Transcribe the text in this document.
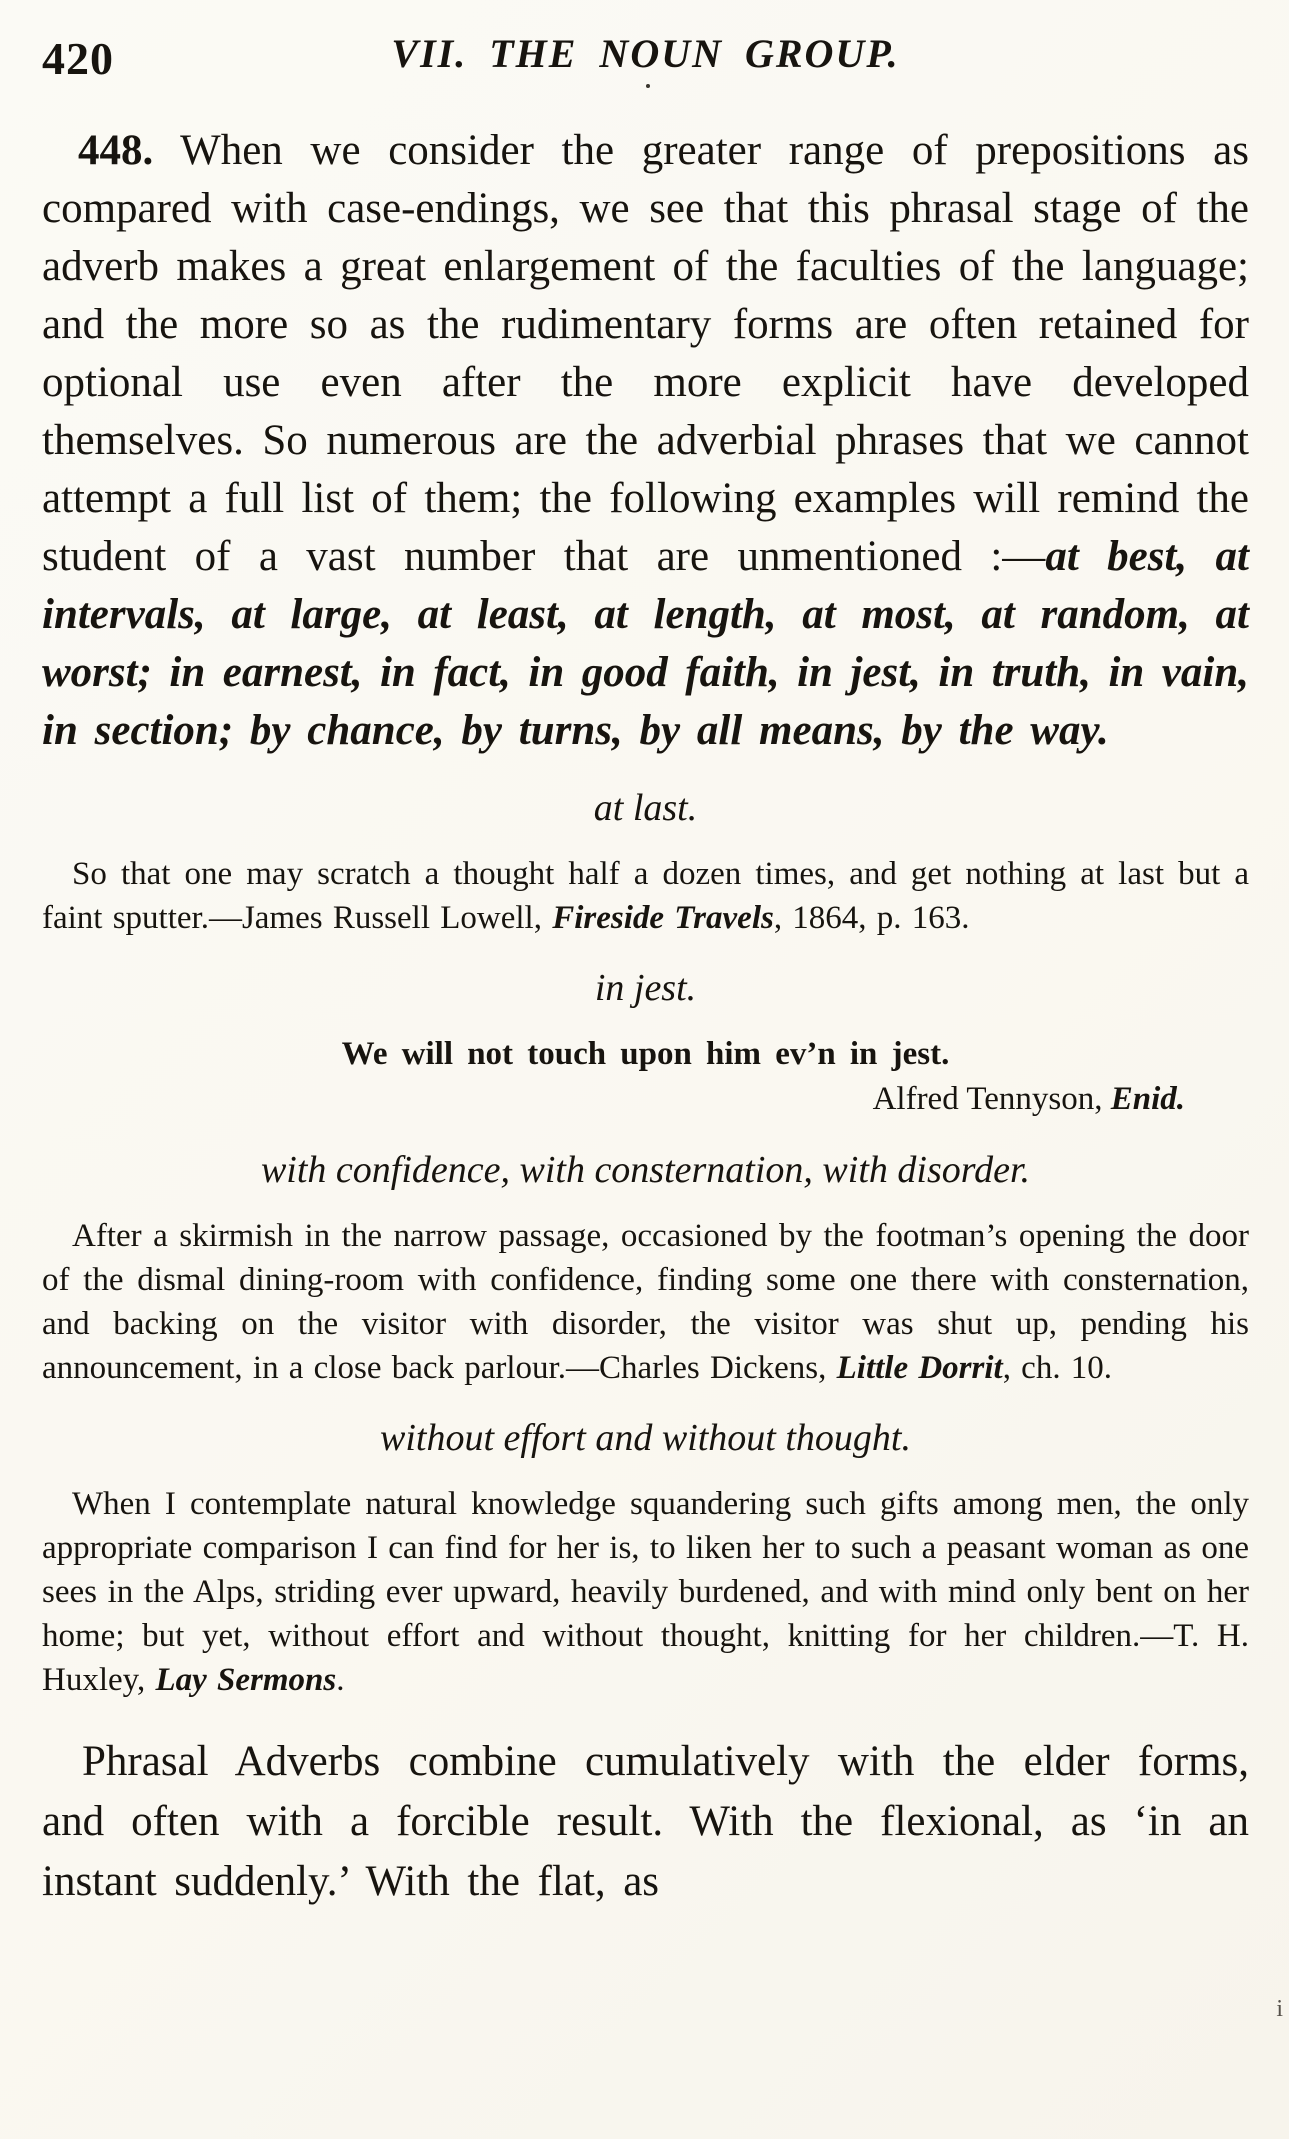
420	VII. THE NOUN GROUP.

448. When we consider the greater range of prepositions as compared with case-endings, we see that this phrasal stage of the adverb makes a great enlargement of the faculties of the language; and the more so as the rudimentary forms are often retained for optional use even after the more explicit have developed themselves. So numerous are the adverbial phrases that we cannot attempt a full list of them; the following examples will remind the student of a vast number that are unmentioned :—at best, at intervals, at large, at least, at length, at most, at random, at worst; in earnest, in fact, in good faith, in jest, in truth, in vain, in section; by chance, by turns, by all means, by the way.

at last.

So that one may scratch a thought half a dozen times, and get nothing at last but a faint sputter.—James Russell Lowell, Fireside Travels, 1864, p. 163.

in jest.
We will not touch upon him ev’n in jest.
Alfred Tennyson, Enid.
with confidence, with consternation, with disorder.

After a skirmish in the narrow passage, occasioned by the footman’s opening the door of the dismal dining-room with confidence, finding some one there with consternation, and backing on the visitor with disorder, the visitor was shut up, pending his announcement, in a close back parlour.—Charles Dickens, Little Dorrit, ch. 10.

without effort and without thought.

When I contemplate natural knowledge squandering such gifts among men, the only appropriate comparison I can find for her is, to liken her to such a peasant woman as one sees in the Alps, striding ever upward, heavily burdened, and with mind only bent on her home; but yet, without effort and without thought, knitting for her children.—T. H. Huxley, Lay Sermons.

Phrasal Adverbs combine cumulatively with the elder forms, and often with a forcible result. With the flexional, as ‘in an instant suddenly.’ With the flat, as

i
